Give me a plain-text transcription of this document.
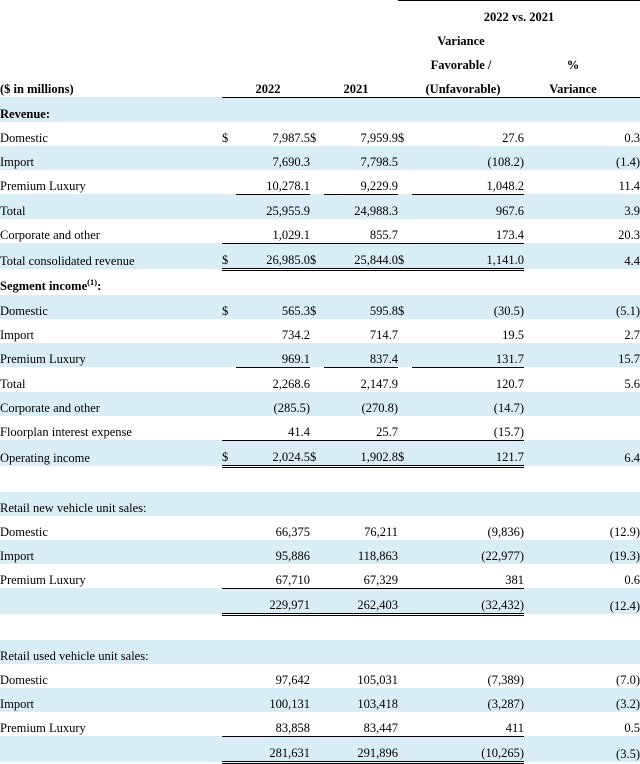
					2022 vs. 2021		
					Variance		
					Favorable /		%
($ in millions)		2022		2021		(Unfavorable)	Variance
Revenue:							
Domestic	$	7,987.5	$	7,959.9	$	27.6	0.3
Import		7,690.3		7,798.5		(108.2)	(1.4)
Premium Luxury		10,278.1		9,229.9		1,048.2	11.4
Total		25,955.9		24,988.3		967.6	3.9
Corporate and other		1,029.1		855.7		173.4	20.3
Total consolidated revenue	$	26,985.0	$	25,844.0	$	1,141.0	4.4
Segment income$^{(1)}$:							
Domestic	$	565.3	$	595.8	$	(30.5)	(5.1)
Import		734.2		714.7		19.5	2.7
Premium Luxury		969.1		837.4		131.7	15.7
Total		2,268.6		2,147.9		120.7	5.6
Corporate and other		(285.5)		(270.8)		(14.7)	
Floorplan interest expense		41.4		25.7		(15.7)	
Operating income	$	2,024.5	$	1,902.8	$	121.7	6.4

Retail new vehicle unit sales:							
Domestic		66,375		76,211		(9,836)	(12.9)
Import		95,886		118,863		(22,977)	(19.3)
Premium Luxury		67,710		67,329		381	0.6
		229,971		262,403		(32,432)	(12.4)

Retail used vehicle unit sales:							
Domestic		97,642		105,031		(7,389)	(7.0)
Import		100,131		103,418		(3,287)	(3.2)
Premium Luxury		83,858		83,447		411	0.5
		281,631		291,896		(10,265)	(3.5)
